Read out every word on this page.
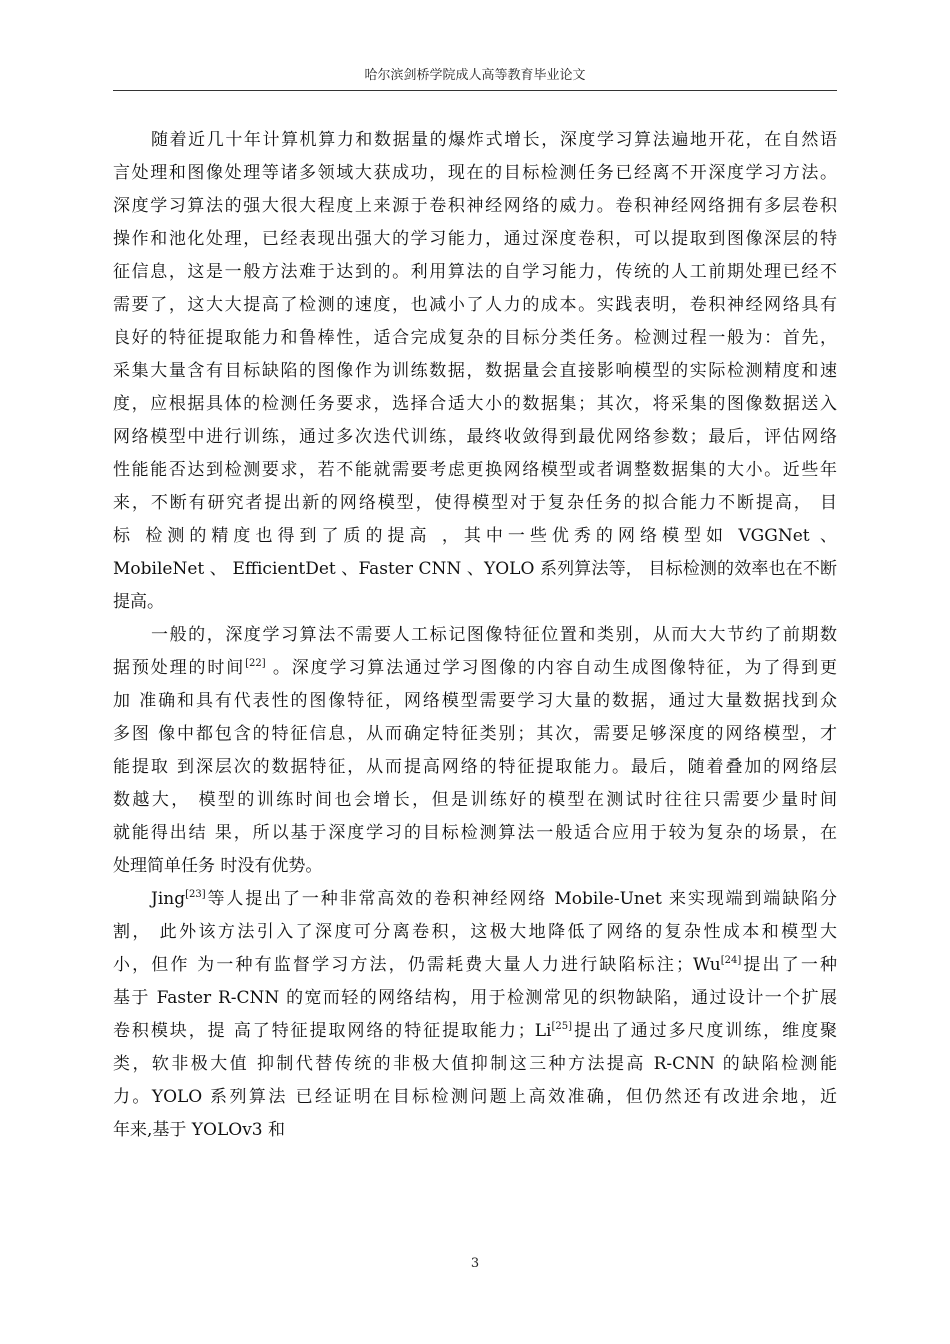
哈尔滨剑桥学院成人高等教育毕业论文
随着近几十年计算机算力和数据量的爆炸式增长，深度学习算法遍地开花，在自然语
言处理和图像处理等诸多领域大获成功，现在的目标检测任务已经离不开深度学习方法。
深度学习算法的强大很大程度上来源于卷积神经网络的威力。卷积神经网络拥有多层卷积
操作和池化处理，已经表现出强大的学习能力，通过深度卷积，可以提取到图像深层的特
征信息，这是一般方法难于达到的。利用算法的自学习能力，传统的人工前期处理已经不
需要了，这大大提高了检测的速度，也减小了人力的成本。实践表明，卷积神经网络具有
良好的特征提取能力和鲁棒性，适合完成复杂的目标分类任务。检测过程一般为：首先，
采集大量含有目标缺陷的图像作为训练数据，数据量会直接影响模型的实际检测精度和速
度，应根据具体的检测任务要求，选择合适大小的数据集；其次，将采集的图像数据送入
网络模型中进行训练，通过多次迭代训练，最终收敛得到最优网络参数；最后，评估网络
性能能否达到检测要求，若不能就需要考虑更换网络模型或者调整数据集的大小。近些年
来，不断有研究者提出新的网络模型，使得模型对于复杂任务的拟合能力不断提高， 目
标 检测的精度也得到了质的提高 ，其中一些优秀的网络模型如 VGGNet 、
MobileNet 、 EfficientDet 、Faster CNN 、YOLO 系列算法等， 目标检测的效率也在不断
提高。
一般的，深度学习算法不需要人工标记图像特征位置和类别，从而大大节约了前期数
据预处理的时间[22] 。深度学习算法通过学习图像的内容自动生成图像特征，为了得到更
加 准确和具有代表性的图像特征，网络模型需要学习大量的数据，通过大量数据找到众
多图 像中都包含的特征信息，从而确定特征类别；其次，需要足够深度的网络模型，才
能提取 到深层次的数据特征，从而提高网络的特征提取能力。最后，随着叠加的网络层
数越大， 模型的训练时间也会增长，但是训练好的模型在测试时往往只需要少量时间
就能得出结 果，所以基于深度学习的目标检测算法一般适合应用于较为复杂的场景，在
处理简单任务 时没有优势。
Jing[23]等人提出了一种非常高效的卷积神经网络 Mobile-Unet 来实现端到端缺陷分
割， 此外该方法引入了深度可分离卷积，这极大地降低了网络的复杂性成本和模型大
小，但作 为一种有监督学习方法，仍需耗费大量人力进行缺陷标注；Wu[24]提出了一种
基于 Faster R-CNN 的宽而轻的网络结构，用于检测常见的织物缺陷，通过设计一个扩展
卷积模块，提 高了特征提取网络的特征提取能力；Li[25]提出了通过多尺度训练，维度聚
类，软非极大值 抑制代替传统的非极大值抑制这三种方法提高 R-CNN 的缺陷检测能
力。YOLO 系列算法 已经证明在目标检测问题上高效准确，但仍然还有改进余地，近
年来,基于 YOLOv3 和
3
